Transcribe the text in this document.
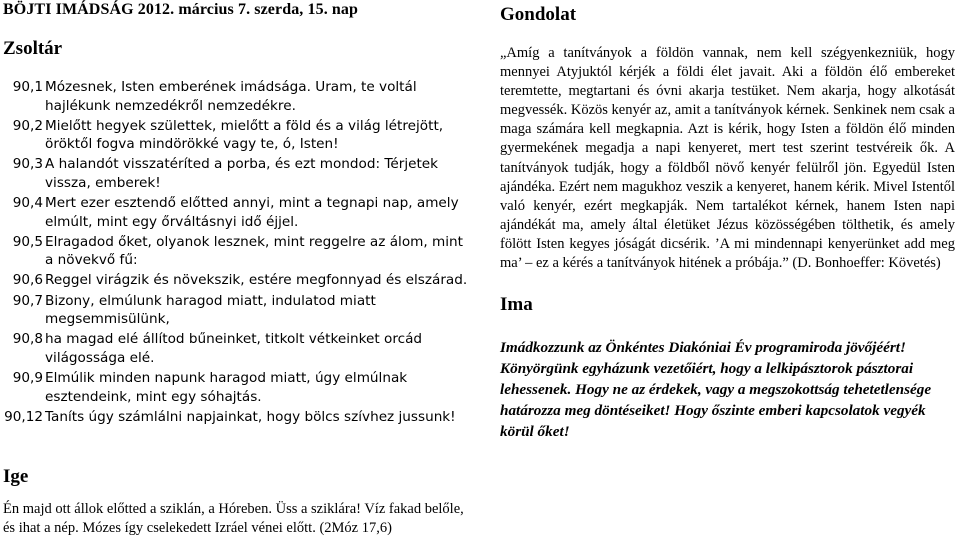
BÖJTI IMÁDSÁG 2012. március 7. szerda, 15. nap
Zsoltár
90,1 Mózesnek, Isten emberének imádsága. Uram, te voltál hajlékunk nemzedékről nemzedékre.
90,2 Mielőtt hegyek születtek, mielőtt a föld és a világ létrejött, öröktől fogva mindörökké vagy te, ó, Isten!
90,3 A halandót visszatéríted a porba, és ezt mondod: Térjetek vissza, emberek!
90,4 Mert ezer esztendő előtted annyi, mint a tegnapi nap, amely elmúlt, mint egy őrváltásnyi idő éjjel.
90,5 Elragadod őket, olyanok lesznek, mint reggelre az álom, mint a növekvő fű:
90,6 Reggel virágzik és növekszik, estére megfonnyad és elszárad.
90,7 Bizony, elmúlunk haragod miatt, indulatod miatt megsemmisülünk,
90,8 ha magad elé állítod bűneinket, titkolt vétkeinket orcád világossága elé.
90,9 Elmúlik minden napunk haragod miatt, úgy elmúlnak esztendeink, mint egy sóhajtás.
90,12 Taníts úgy számlálni napjainkat, hogy bölcs szívhez jussunk!
Ige
Én majd ott állok előtted a sziklán, a Hóreben. Üss a sziklára! Víz fakad belőle, és ihat a nép. Mózes így cselekedett Izráel vénei előtt. (2Móz 17,6)
Gondolat
„Amíg a tanítványok a földön vannak, nem kell szégyenkezniük, hogy mennyei Atyjuktól kérjék a földi élet javait. Aki a földön élő embereket teremtette, megtartani és óvni akarja testüket. Nem akarja, hogy alkotását megvessék. Közös kenyér az, amit a tanítványok kérnek. Senkinek nem csak a maga számára kell megkapnia. Azt is kérik, hogy Isten a földön élő minden gyermekének megadja a napi kenyeret, mert test szerint testvéreik ők. A tanítványok tudják, hogy a földből növő kenyér felülről jön. Egyedül Isten ajándéka. Ezért nem magukhoz veszik a kenyeret, hanem kérik. Mivel Istentől való kenyér, ezért megkapják. Nem tartalékot kérnek, hanem Isten napi ajándékát ma, amely által életüket Jézus közösségében tölthetik, és amely fölött Isten kegyes jóságát dicsérik. ’A mi mindennapi kenyerünket add meg ma’ – ez a kérés a tanítványok hitének a próbája.” (D. Bonhoeffer: Követés)
Ima
Imádkozzunk az Önkéntes Diakóniai Év programiroda jövőjéért! Könyörgünk egyházunk vezetőiért, hogy a lelkipásztorok pásztorai lehessenek. Hogy ne az érdekek, vagy a megszokottság tehetetlensége határozza meg döntéseiket! Hogy őszinte emberi kapcsolatok vegyék körül őket!
